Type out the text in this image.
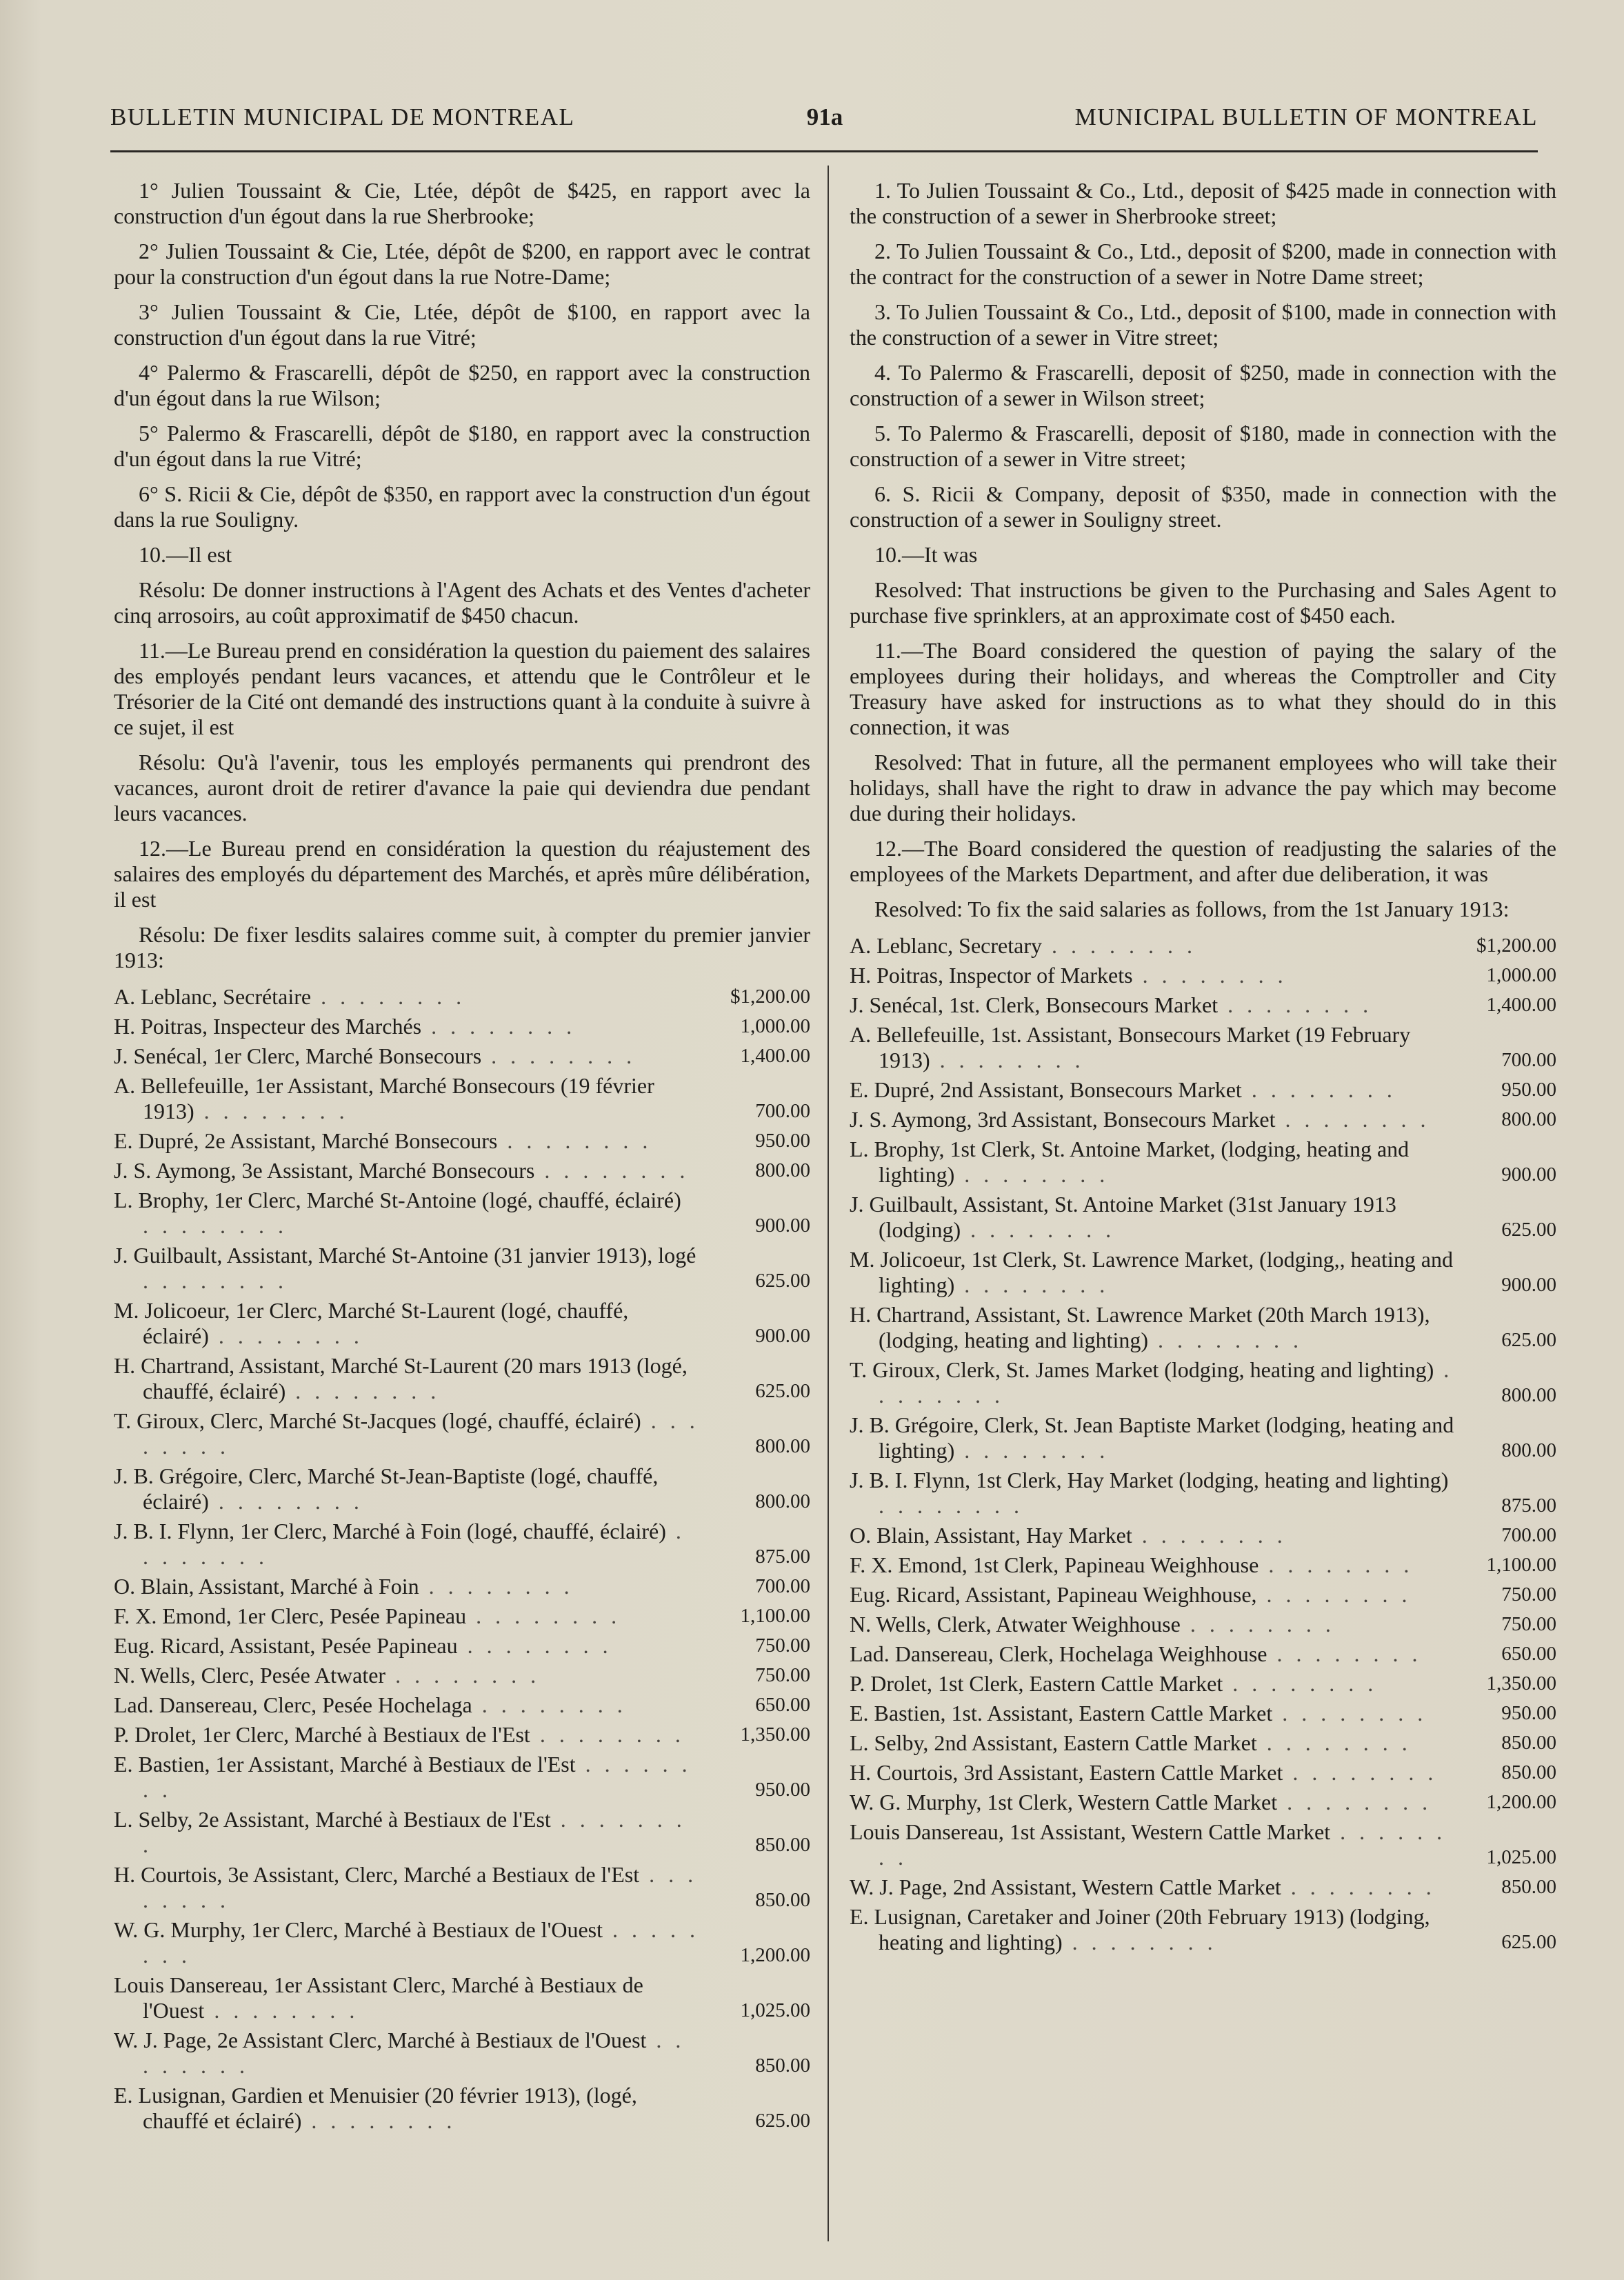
BULLETIN MUNICIPAL DE MONTREAL	91a	MUNICIPAL BULLETIN OF MONTREAL

1° Julien Toussaint & Cie, Ltée, dépôt de $425, en rapport avec la construction d'un égout dans la rue Sherbrooke;

2° Julien Toussaint & Cie, Ltée, dépôt de $200, en rapport avec le contrat pour la construction d'un égout dans la rue Notre-Dame;

3° Julien Toussaint & Cie, Ltée, dépôt de $100, en rapport avec la construction d'un égout dans la rue Vitré;

4° Palermo & Frascarelli, dépôt de $250, en rapport avec la construction d'un égout dans la rue Wilson;

5° Palermo & Frascarelli, dépôt de $180, en rapport avec la construction d'un égout dans la rue Vitré;

6° S. Ricii & Cie, dépôt de $350, en rapport avec la construction d'un égout dans la rue Souligny.

10.—Il est

Résolu: De donner instructions à l'Agent des Achats et des Ventes d'acheter cinq arrosoirs, au coût approximatif de $450 chacun.

11.—Le Bureau prend en considération la question du paiement des salaires des employés pendant leurs vacances, et attendu que le Contrôleur et le Trésorier de la Cité ont demandé des instructions quant à la conduite à suivre à ce sujet, il est

Résolu: Qu'à l'avenir, tous les employés permanents qui prendront des vacances, auront droit de retirer d'avance la paie qui deviendra due pendant leurs vacances.

12.—Le Bureau prend en considération la question du réajustement des salaires des employés du département des Marchés, et après mûre délibération, il est

Résolu: De fixer lesdits salaires comme suit, à compter du premier janvier 1913:

A. Leblanc, Secrétaire . . . . . . . .	$1,200.00
H. Poitras, Inspecteur des Marchés . . . . . . . .	1,000.00
J. Senécal, 1er Clerc, Marché Bonsecours . . . . . . . .	1,400.00
A. Bellefeuille, 1er Assistant, Marché Bonsecours (19 février 1913) . . . . . . . .	700.00
E. Dupré, 2e Assistant, Marché Bonsecours . . . . . . . .	950.00
J. S. Aymong, 3e Assistant, Marché Bonsecours . . . . . . . .	800.00
L. Brophy, 1er Clerc, Marché St-Antoine (logé, chauffé, éclairé) . . . . . . . .	900.00
J. Guilbault, Assistant, Marché St-Antoine (31 janvier 1913), logé . . . . . . . .	625.00
M. Jolicoeur, 1er Clerc, Marché St-Laurent (logé, chauffé, éclairé) . . . . . . . .	900.00
H. Chartrand, Assistant, Marché St-Laurent (20 mars 1913 (logé, chauffé, éclairé) . . . . . . . .	625.00
T. Giroux, Clerc, Marché St-Jacques (logé, chauffé, éclairé) . . . . . . . .	800.00
J. B. Grégoire, Clerc, Marché St-Jean-Baptiste (logé, chauffé, éclairé) . . . . . . . .	800.00
J. B. I. Flynn, 1er Clerc, Marché à Foin (logé, chauffé, éclairé) . . . . . . . .	875.00
O. Blain, Assistant, Marché à Foin . . . . . . . .	700.00
F. X. Emond, 1er Clerc, Pesée Papineau . . . . . . . .	1,100.00
Eug. Ricard, Assistant, Pesée Papineau . . . . . . . .	750.00
N. Wells, Clerc, Pesée Atwater . . . . . . . .	750.00
Lad. Dansereau, Clerc, Pesée Hochelaga . . . . . . . .	650.00
P. Drolet, 1er Clerc, Marché à Bestiaux de l'Est . . . . . . . .	1,350.00
E. Bastien, 1er Assistant, Marché à Bestiaux de l'Est . . . . . . . .	950.00
L. Selby, 2e Assistant, Marché à Bestiaux de l'Est . . . . . . . .	850.00
H. Courtois, 3e Assistant, Clerc, Marché a Bestiaux de l'Est . . . . . . . .	850.00
W. G. Murphy, 1er Clerc, Marché à Bestiaux de l'Ouest . . . . . . . .	1,200.00
Louis Dansereau, 1er Assistant Clerc, Marché à Bestiaux de l'Ouest . . . . . . . .	1,025.00
W. J. Page, 2e Assistant Clerc, Marché à Bestiaux de l'Ouest . . . . . . . .	850.00
E. Lusignan, Gardien et Menuisier (20 février 1913), (logé, chauffé et éclairé) . . . . . . . .	625.00

1. To Julien Toussaint & Co., Ltd., deposit of $425 made in connection with the construction of a sewer in Sherbrooke street;

2. To Julien Toussaint & Co., Ltd., deposit of $200, made in connection with the contract for the construction of a sewer in Notre Dame street;

3. To Julien Toussaint & Co., Ltd., deposit of $100, made in connection with the construction of a sewer in Vitre street;

4. To Palermo & Frascarelli, deposit of $250, made in connection with the construction of a sewer in Wilson street;

5. To Palermo & Frascarelli, deposit of $180, made in connection with the construction of a sewer in Vitre street;

6. S. Ricii & Company, deposit of $350, made in connection with the construction of a sewer in Souligny street.

10.—It was

Resolved: That instructions be given to the Purchasing and Sales Agent to purchase five sprinklers, at an approximate cost of $450 each.

11.—The Board considered the question of paying the salary of the employees during their holidays, and whereas the Comptroller and City Treasury have asked for instructions as to what they should do in this connection, it was

Resolved: That in future, all the permanent employees who will take their holidays, shall have the right to draw in advance the pay which may become due during their holidays.

12.—The Board considered the question of readjusting the salaries of the employees of the Markets Department, and after due deliberation, it was

Resolved: To fix the said salaries as follows, from the 1st January 1913:

A. Leblanc, Secretary . . . . . . . .	$1,200.00
H. Poitras, Inspector of Markets . . . . . . . .	1,000.00
J. Senécal, 1st. Clerk, Bonsecours Market . . . . . . . .	1,400.00
A. Bellefeuille, 1st. Assistant, Bonsecours Market (19 February 1913) . . . . . . . .	700.00
E. Dupré, 2nd Assistant, Bonsecours Market . . . . . . . .	950.00
J. S. Aymong, 3rd Assistant, Bonsecours Market . . . . . . . .	800.00
L. Brophy, 1st Clerk, St. Antoine Market, (lodging, heating and lighting) . . . . . . . .	900.00
J. Guilbault, Assistant, St. Antoine Market (31st January 1913 (lodging) . . . . . . . .	625.00
M. Jolicoeur, 1st Clerk, St. Lawrence Market, (lodging,, heating and lighting) . . . . . . . .	900.00
H. Chartrand, Assistant, St. Lawrence Market (20th March 1913), (lodging, heating and lighting) . . . . . . . .	625.00
T. Giroux, Clerk, St. James Market (lodging, heating and lighting) . . . . . . . .	800.00
J. B. Grégoire, Clerk, St. Jean Baptiste Market (lodging, heating and lighting) . . . . . . . .	800.00
J. B. I. Flynn, 1st Clerk, Hay Market (lodging, heating and lighting) . . . . . . . .	875.00
O. Blain, Assistant, Hay Market . . . . . . . .	700.00
F. X. Emond, 1st Clerk, Papineau Weighhouse . . . . . . . .	1,100.00
Eug. Ricard, Assistant, Papineau Weighhouse, . . . . . . . .	750.00
N. Wells, Clerk, Atwater Weighhouse . . . . . . . .	750.00
Lad. Dansereau, Clerk, Hochelaga Weighhouse . . . . . . . .	650.00
P. Drolet, 1st Clerk, Eastern Cattle Market . . . . . . . .	1,350.00
E. Bastien, 1st. Assistant, Eastern Cattle Market . . . . . . . .	950.00
L. Selby, 2nd Assistant, Eastern Cattle Market . . . . . . . .	850.00
H. Courtois, 3rd Assistant, Eastern Cattle Market . . . . . . . .	850.00
W. G. Murphy, 1st Clerk, Western Cattle Market . . . . . . . .	1,200.00
Louis Dansereau, 1st Assistant, Western Cattle Market . . . . . . . .	1,025.00
W. J. Page, 2nd Assistant, Western Cattle Market . . . . . . . .	850.00
E. Lusignan, Caretaker and Joiner (20th February 1913) (lodging, heating and lighting) . . . . . . . .	625.00
